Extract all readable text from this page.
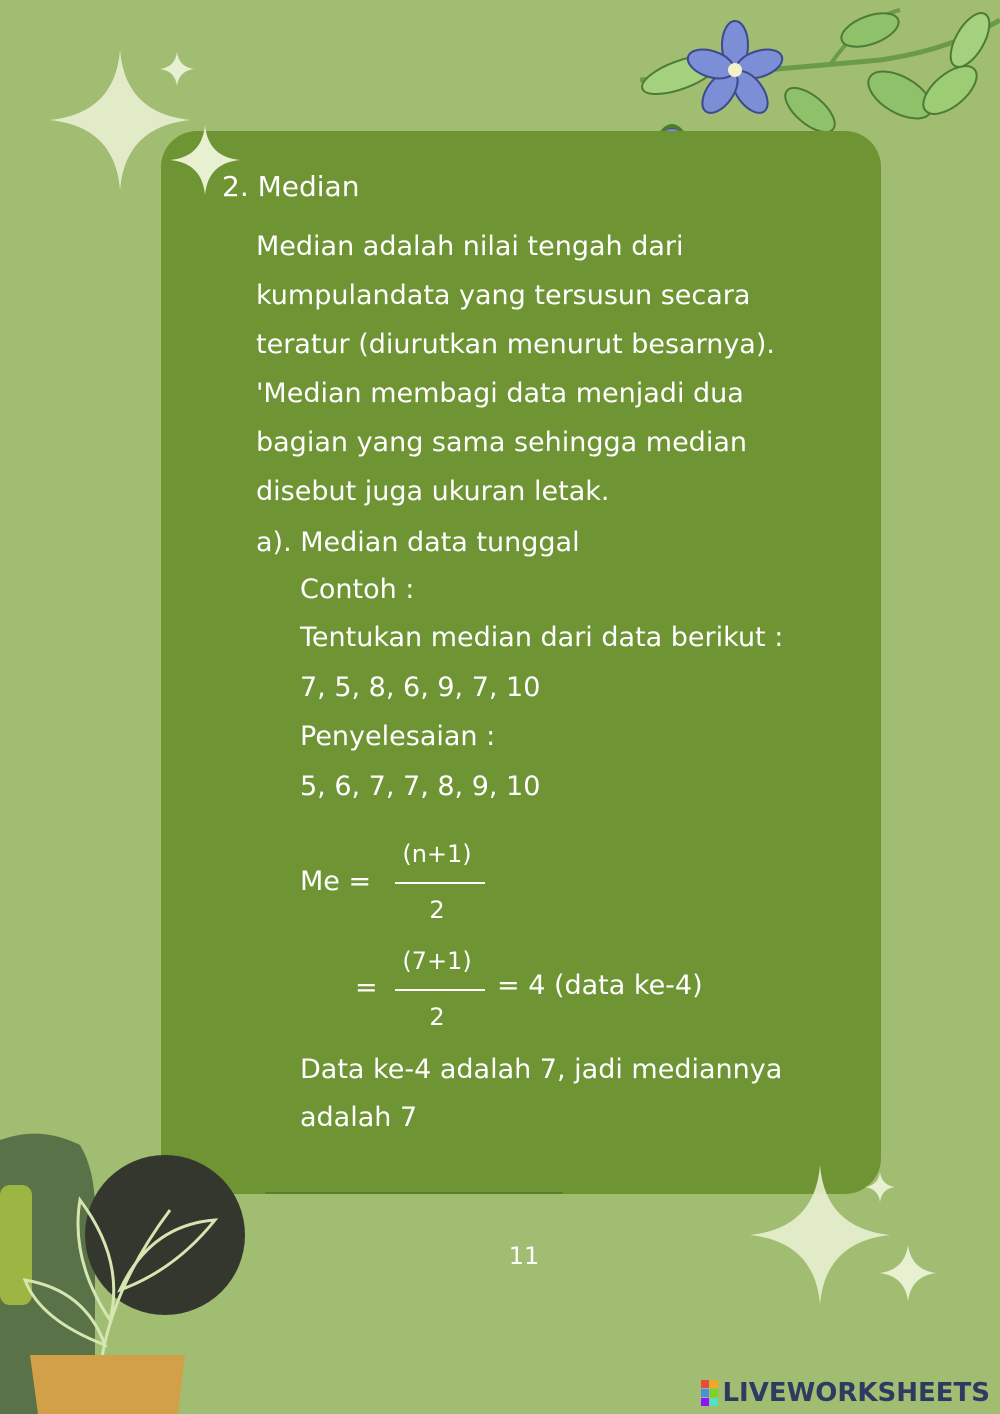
2. Median
Median adalah nilai tengah dari
kumpulandata yang tersusun secara
teratur (diurutkan menurut besarnya).
'Median membagi data menjadi dua
bagian yang sama sehingga median
disebut juga ukuran letak.
a). Median data tunggal
Contoh :
Tentukan median dari data berikut :
7, 5, 8, 6, 9, 7, 10
Penyelesaian :
5, 6, 7, 7, 8, 9, 10
Me =
(n+1)
2
=
(7+1)
2
= 4 (data ke-4)
Data ke-4 adalah 7, jadi mediannya
adalah 7
11
LIVEWORKSHEETS
